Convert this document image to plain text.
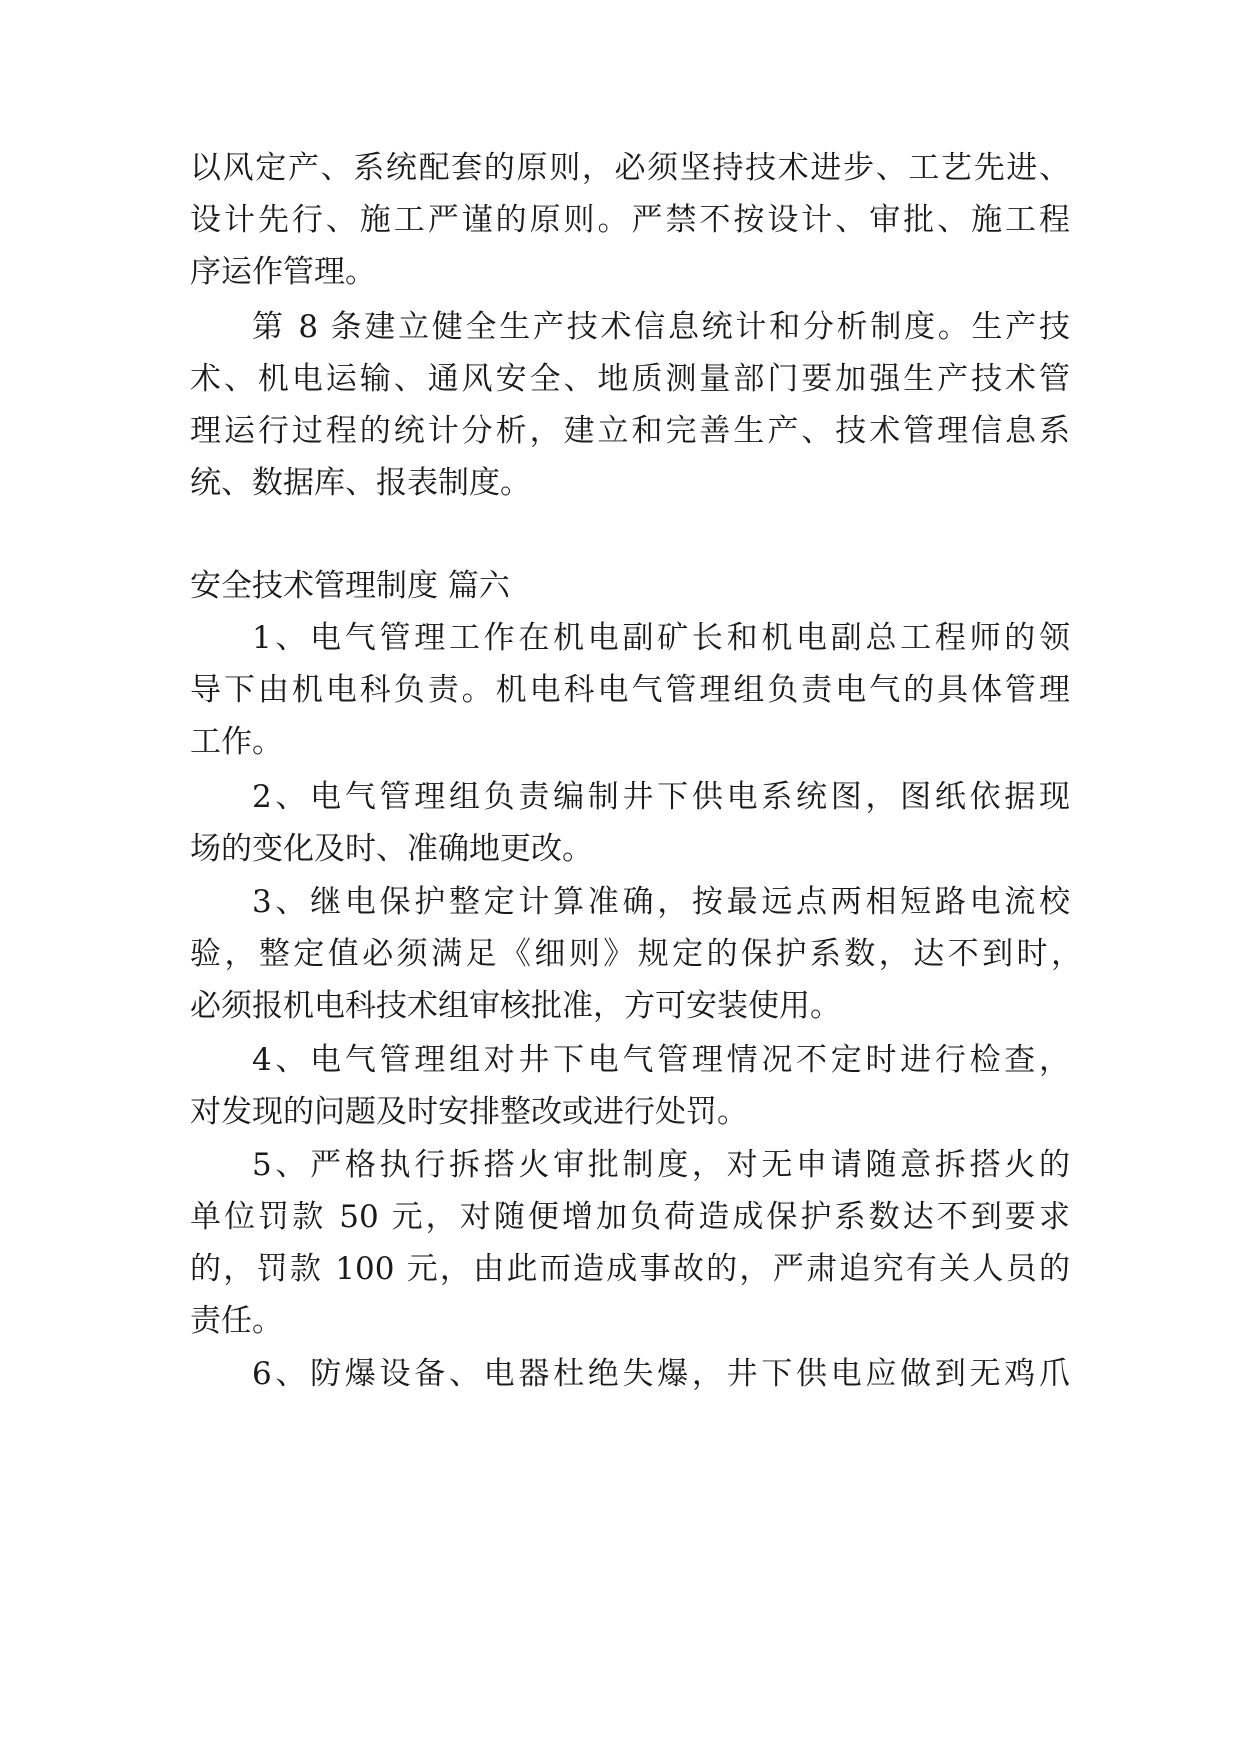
以风定产、系统配套的原则，必须坚持技术进步、工艺先进、
设计先行、施工严谨的原则。严禁不按设计、审批、施工程
序运作管理。
第 8 条建立健全生产技术信息统计和分析制度。生产技
术、机电运输、通风安全、地质测量部门要加强生产技术管
理运行过程的统计分析，建立和完善生产、技术管理信息系
统、数据库、报表制度。
安全技术管理制度 篇六
1、电气管理工作在机电副矿长和机电副总工程师的领
导下由机电科负责。机电科电气管理组负责电气的具体管理
工作。
2、电气管理组负责编制井下供电系统图，图纸依据现
场的变化及时、准确地更改。
3、继电保护整定计算准确，按最远点两相短路电流校
验，整定值必须满足《细则》规定的保护系数，达不到时，
必须报机电科技术组审核批准，方可安装使用。
4、电气管理组对井下电气管理情况不定时进行检查，
对发现的问题及时安排整改或进行处罚。
5、严格执行拆搭火审批制度，对无申请随意拆搭火的
单位罚款 50 元，对随便增加负荷造成保护系数达不到要求
的，罚款 100 元，由此而造成事故的，严肃追究有关人员的
责任。
6、防爆设备、电器杜绝失爆，井下供电应做到无鸡爪
